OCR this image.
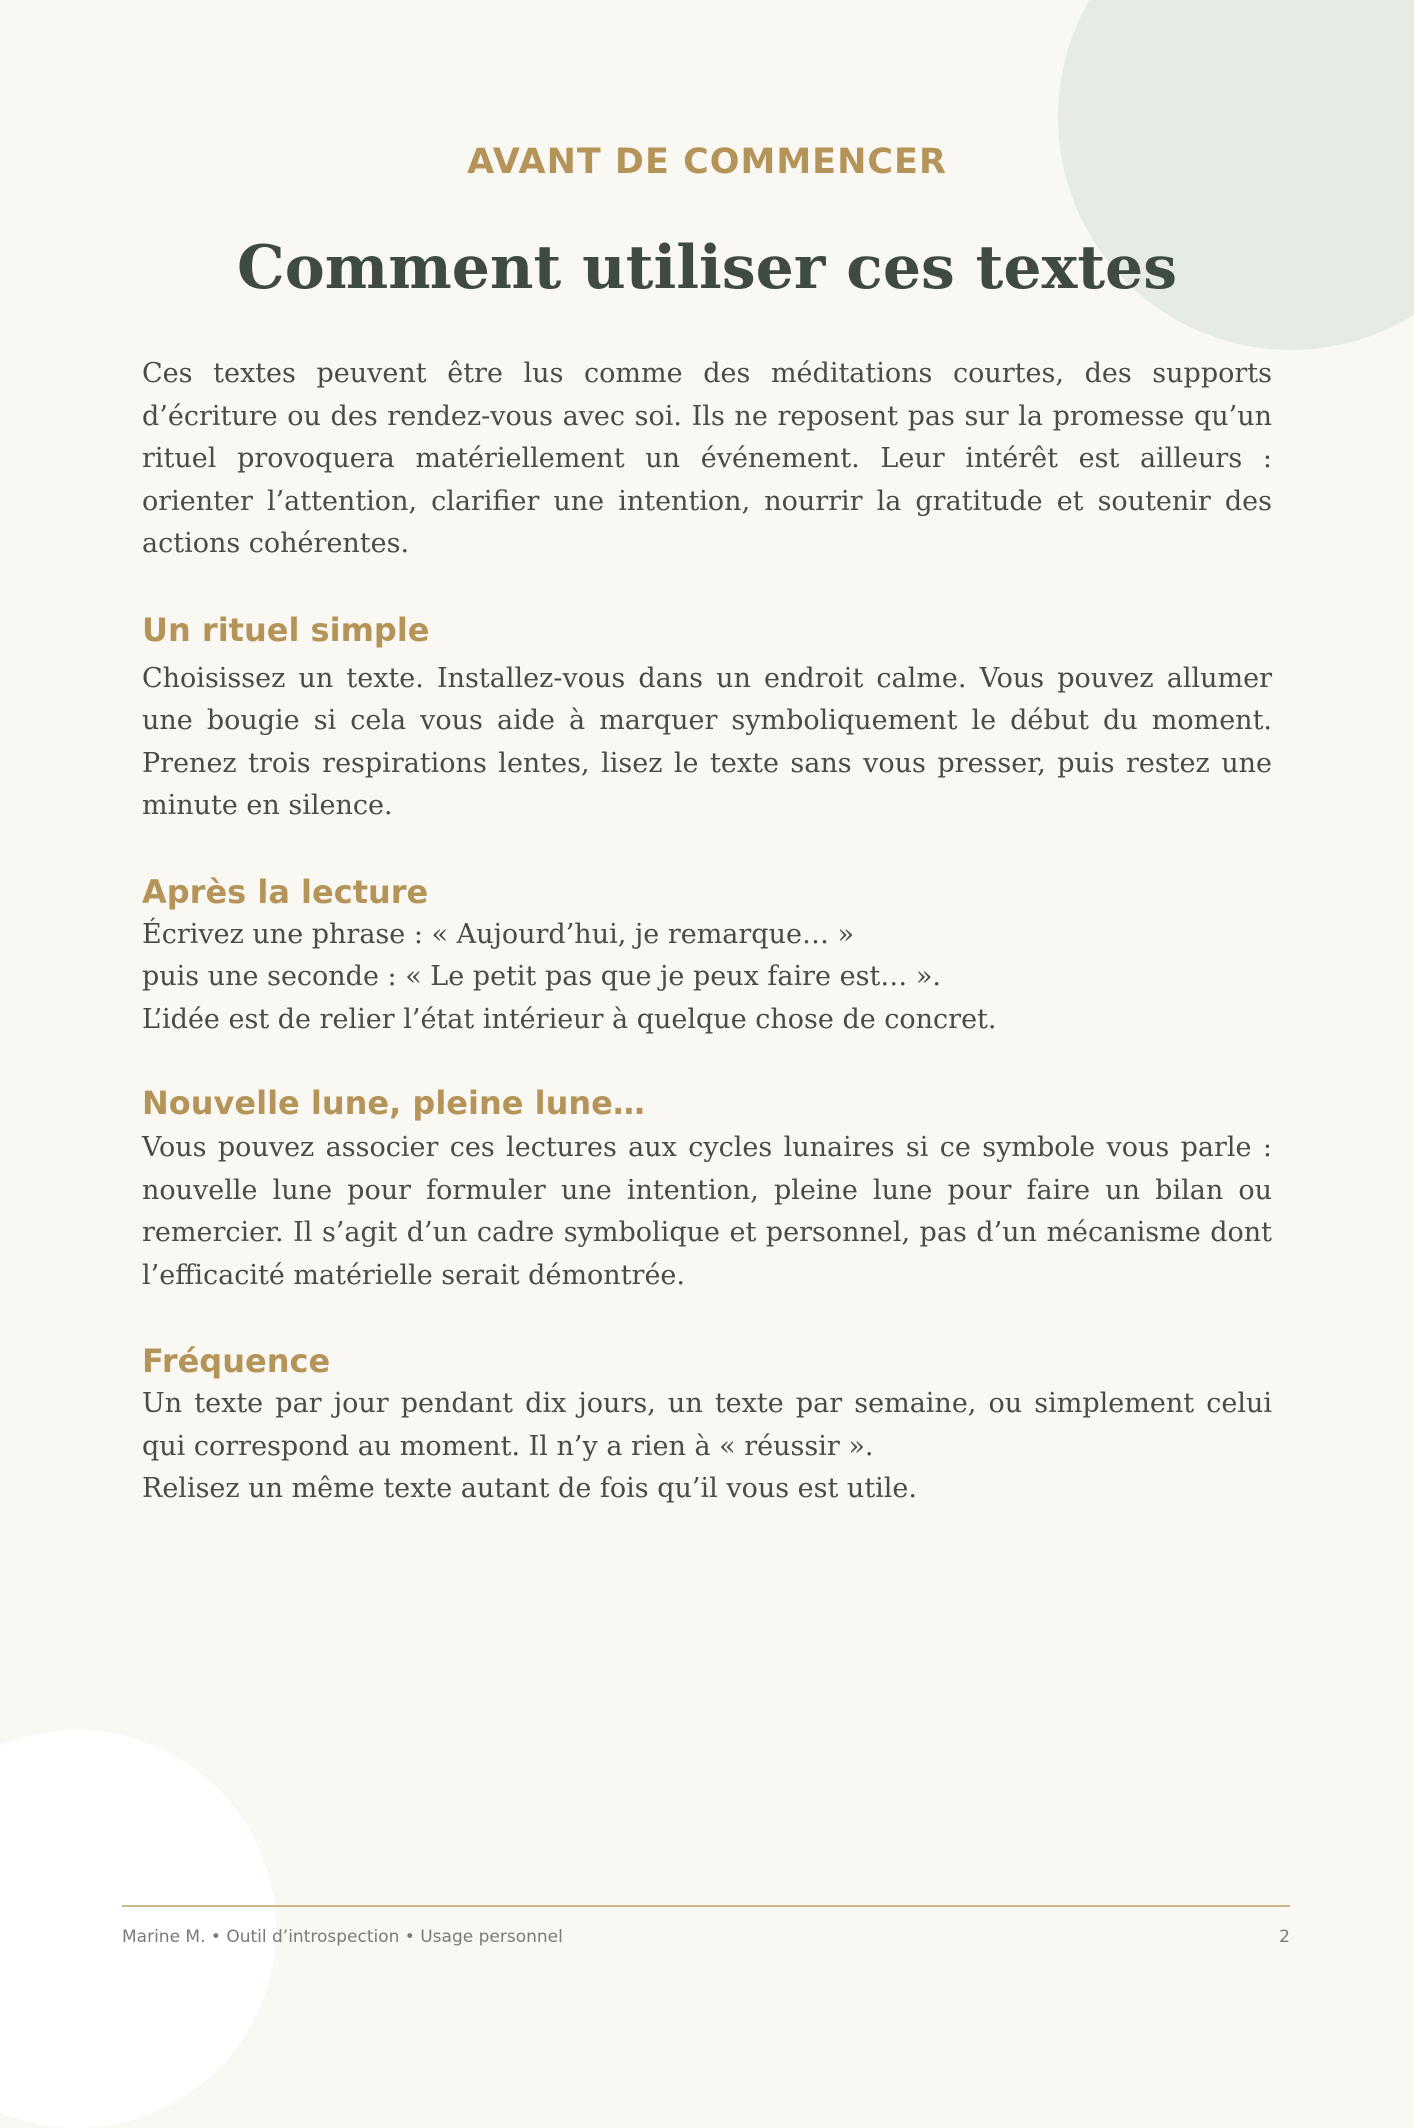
AVANT DE COMMENCER
Comment utiliser ces textes

Ces textes peuvent être lus comme des méditations courtes, des supports d’écriture ou des rendez-vous avec soi. Ils ne reposent pas sur la promesse qu’un rituel provoquera matériellement un événement. Leur intérêt est ailleurs : orienter l’attention, clarifier une intention, nourrir la gratitude et soutenir des actions cohérentes.

Un rituel simple

Choisissez un texte. Installez-vous dans un endroit calme. Vous pouvez allumer une bougie si cela vous aide à marquer symboliquement le début du moment. Prenez trois respirations lentes, lisez le texte sans vous presser, puis restez une minute en silence.

Après la lecture
Écrivez une phrase : « Aujourd’hui, je remarque… »
puis une seconde : « Le petit pas que je peux faire est… ».
L’idée est de relier l’état intérieur à quelque chose de concret.
Nouvelle lune, pleine lune…

Vous pouvez associer ces lectures aux cycles lunaires si ce symbole vous parle : nouvelle lune pour formuler une intention, pleine lune pour faire un bilan ou remercier. Il s’agit d’un cadre symbolique et personnel, pas d’un mécanisme dont l’efficacité matérielle serait démontrée.

Fréquence

Un texte par jour pendant dix jours, un texte par semaine, ou simplement celui qui correspond au moment. Il n’y a rien à « réussir ».

Relisez un même texte autant de fois qu’il vous est utile.
Marine M. • Outil d’introspection • Usage personnel	2
